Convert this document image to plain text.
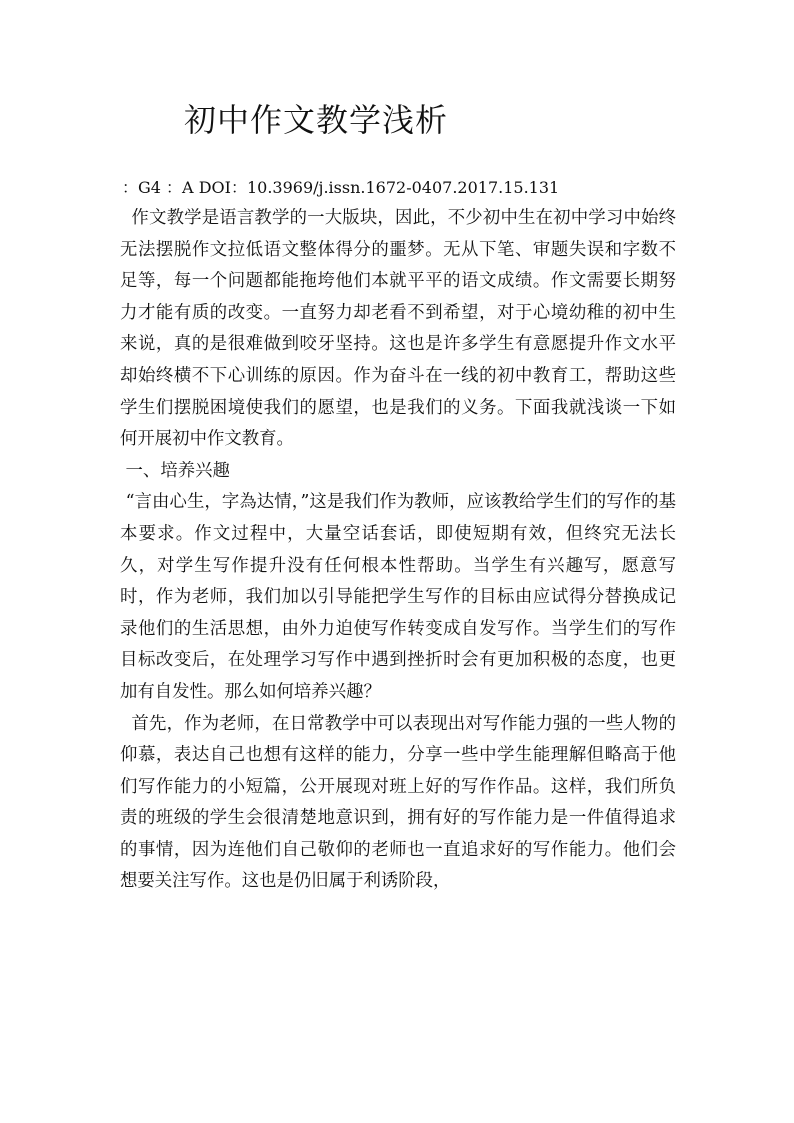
初中作文教学浅析
：G4 ：A DOI：10.3969/j.issn.1672-0407.2017.15.131

作文教学是语言教学的一大版块，因此，不少初中生在初中学习中始终无法摆脱作文拉低语文整体得分的噩梦。无从下笔、审题失误和字数不足等，每一个问题都能拖垮他们本就平平的语文成绩。作文需要长期努力才能有质的改变。一直努力却老看不到希望，对于心境幼稚的初中生来说，真的是很难做到咬牙坚持。这也是许多学生有意愿提升作文水平却始终横不下心训练的原因。作为奋斗在一线的初中教育工，帮助这些学生们摆脱困境使我们的愿望，也是我们的义务。下面我就浅谈一下如何开展初中作文教育。

一、培养兴趣

“言由心生，字為达情，”这是我们作为教师，应该教给学生们的写作的基本要求。作文过程中，大量空话套话，即使短期有效，但终究无法长久，对学生写作提升没有任何根本性帮助。当学生有兴趣写，愿意写时，作为老师，我们加以引导能把学生写作的目标由应试得分替换成记录他们的生活思想，由外力迫使写作转变成自发写作。当学生们的写作目标改变后，在处理学习写作中遇到挫折时会有更加积极的态度，也更加有自发性。那么如何培养兴趣？

首先，作为老师，在日常教学中可以表现出对写作能力强的一些人物的仰慕，表达自己也想有这样的能力，分享一些中学生能理解但略高于他们写作能力的小短篇，公开展现对班上好的写作作品。这样，我们所负责的班级的学生会很清楚地意识到，拥有好的写作能力是一件值得追求的事情，因为连他们自己敬仰的老师也一直追求好的写作能力。他们会想要关注写作。这也是仍旧属于利诱阶段，
